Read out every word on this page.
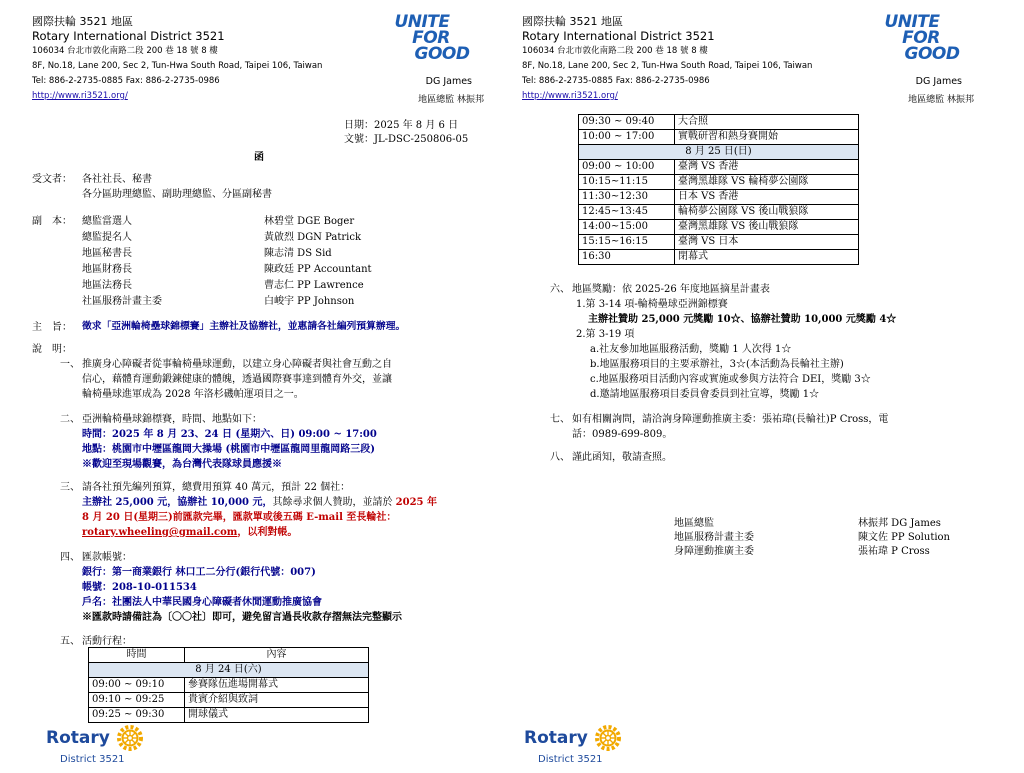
國際扶輪 3521 地區
Rotary International District 3521
106034 台北市敦化南路二段 200 巷 18 號 8 樓
8F, No.18, Lane 200, Sec 2, Tun-Hwa South Road, Taipei 106, Taiwan
Tel: 886-2-2735-0885 Fax: 886-2-2735-0986
http://www.ri3521.org/
UNITE
FOR
GOOD
DG James
地區總監 林振邦
日期：2025 年 8 月 6 日
文號：JL-DSC-250806-05
函
受文者： 各社社長、秘書
各分區助理總監、副助理總監、分區副秘書
副　本： 總監當選人	林碧堂 DGE Boger
總監提名人	黃啟烈 DGN Patrick
地區秘書長	陳志清 DS Sid
地區財務長	陳政廷 PP Accountant
地區法務長	曹志仁 PP Lawrence
社區服務計畫主委	白峻宇 PP Johnson
主　旨： 徵求「亞洲輪椅壘球錦標賽」主辦社及協辦社，並惠請各社編列預算辦理。
說　明：
一、 推廣身心障礙者從事輪椅壘球運動，以建立身心障礙者與社會互動之自
信心，藉體育運動鍛鍊健康的體魄，透過國際賽事達到體育外交，並讓
輪椅壘球進軍成為 2028 年洛杉磯帕運項目之一。
二、 亞洲輪椅壘球錦標賽，時間、地點如下：
時間：2025 年 8 月 23、24 日 (星期六、日) 09:00 ~ 17:00
地點：桃園市中壢區龍岡大操場 (桃園市中壢區龍岡里龍岡路三段)
※歡迎至現場觀賽，為台灣代表隊球員應援※
三、 請各社預先編列預算，總費用預算 40 萬元，預計 22 個社：
主辦社 25,000 元，協辦社 10,000 元，其餘尋求個人贊助，並請於 2025 年
8 月 20 日(星期三)前匯款完畢，匯款單或後五碼 E-mail 至長輪社：
rotary.wheeling@gmail.com，以利對帳。
四、 匯款帳號：
銀行：第一商業銀行 林口工二分行(銀行代號：007)
帳號：208-10-011534
戶名：社團法人中華民國身心障礙者休閒運動推廣協會
※匯款時請備註為〔〇〇社〕即可，避免留言過長收款存摺無法完整顯示
五、 活動行程：
時間	內容
8 月 24 日(六)	
09:00 ~ 09:10	參賽隊伍進場開幕式
09:10 ~ 09:25	貴賓介紹與致詞
09:25 ~ 09:30	開球儀式
Rotary
District 3521
國際扶輪 3521 地區
Rotary International District 3521
106034 台北市敦化南路二段 200 巷 18 號 8 樓
8F, No.18, Lane 200, Sec 2, Tun-Hwa South Road, Taipei 106, Taiwan
Tel: 886-2-2735-0885 Fax: 886-2-2735-0986
http://www.ri3521.org/
UNITE
FOR
GOOD
DG James
地區總監 林振邦
09:30 ~ 09:40	大合照
10:00 ~ 17:00	實戰研習和熱身賽開始
8 月 25 日(日)	
09:00 ~ 10:00	臺灣 VS 香港
10:15~11:15	臺灣黑雄隊 VS 輪椅夢公園隊
11:30~12:30	日本 VS 香港
12:45~13:45	輪椅夢公園隊 VS 後山戰狼隊
14:00~15:00	臺灣黑雄隊 VS 後山戰狼隊
15:15~16:15	臺灣 VS 日本
16:30	閉幕式
六、 地區獎勵：依 2025-26 年度地區摘星計畫表
1.第 3-14 項-輪椅壘球亞洲錦標賽
主辦社贊助 25,000 元獎勵 10☆、協辦社贊助 10,000 元獎勵 4☆
2.第 3-19 項
a.社友參加地區服務活動，獎勵 1 人次得 1☆
b.地區服務項目的主要承辦社，3☆(本活動為長輪社主辦)
c.地區服務項目活動內容或實施或參與方法符合 DEI，獎勵 3☆
d.邀請地區服務項目委員會委員到社宣導，獎勵 1☆
七、 如有相關詢問，請洽詢身障運動推廣主委：張祐瑋(長輪社)P Cross，電
話：0989-699-809。
八、 謹此函知，敬請查照。
地區總監	林振邦 DG James
地區服務計畫主委	陳文佐 PP Solution
身障運動推廣主委	張祐瑋 P Cross
Rotary
District 3521
